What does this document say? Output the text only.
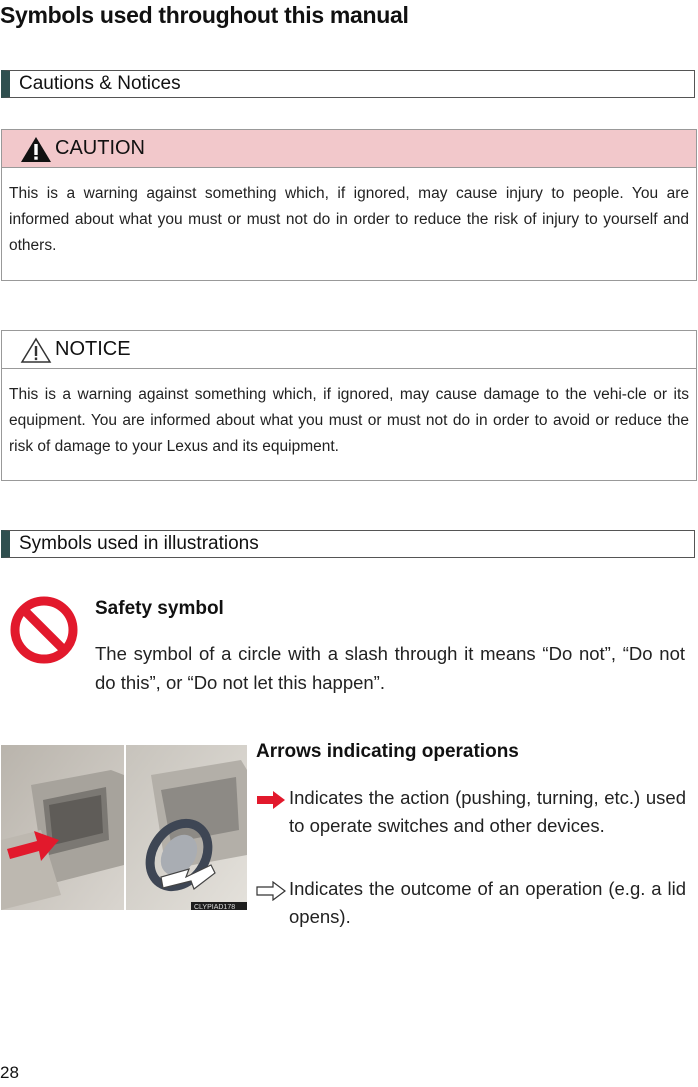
Symbols used throughout this manual
Cautions & Notices
CAUTION
This is a warning against something which, if ignored, may cause injury to people. You are informed about what you must or must not do in order to reduce the risk of injury to yourself and others.
NOTICE
This is a warning against something which, if ignored, may cause damage to the vehi-cle or its equipment. You are informed about what you must or must not do in order to avoid or reduce the risk of damage to your Lexus and its equipment.
Symbols used in illustrations
Safety symbol
The symbol of a circle with a slash through it means “Do not”, “Do not do this”, or “Do not let this happen”.
CLYPIAD178
Arrows indicating operations
Indicates the action (pushing, turning, etc.) used to operate switches and other devices.
Indicates the outcome of an operation (e.g. a lid opens).
28
